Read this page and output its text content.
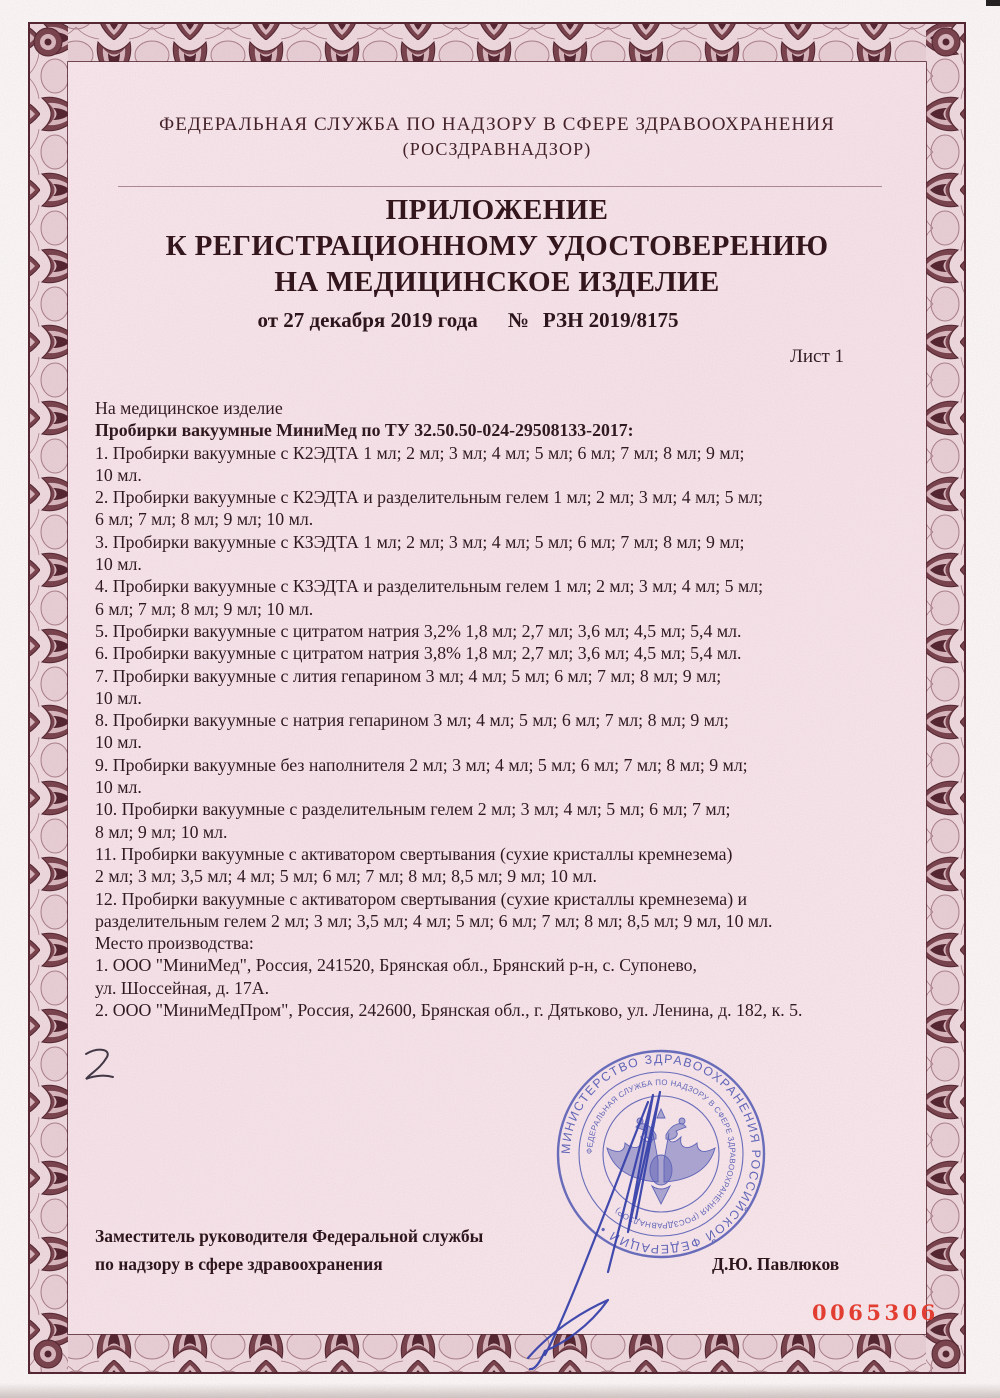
ФЕДЕРАЛЬНАЯ СЛУЖБА ПО НАДЗОРУ В СФЕРЕ ЗДРАВООХРАНЕНИЯ
(РОСЗДРАВНАДЗОР)
ПРИЛОЖЕНИЕ
К РЕГИСТРАЦИОННОМУ УДОСТОВЕРЕНИЮ
НА МЕДИЦИНСКОЕ ИЗДЕЛИЕ
от 27 декабря 2019 года № РЗН 2019/8175
Лист 1
На медицинское изделие
Пробирки вакуумные МиниМед по ТУ 32.50.50-024-29508133-2017:
1. Пробирки вакуумные с К2ЭДТА 1 мл; 2 мл; 3 мл; 4 мл; 5 мл; 6 мл; 7 мл; 8 мл; 9 мл;
10 мл.
2. Пробирки вакуумные с К2ЭДТА и разделительным гелем 1 мл; 2 мл; 3 мл; 4 мл; 5 мл;
6 мл; 7 мл; 8 мл; 9 мл; 10 мл.
3. Пробирки вакуумные с КЗЭДТА 1 мл; 2 мл; 3 мл; 4 мл; 5 мл; 6 мл; 7 мл; 8 мл; 9 мл;
10 мл.
4. Пробирки вакуумные с КЗЭДТА и разделительным гелем 1 мл; 2 мл; 3 мл; 4 мл; 5 мл;
6 мл; 7 мл; 8 мл; 9 мл; 10 мл.
5. Пробирки вакуумные с цитратом натрия 3,2% 1,8 мл; 2,7 мл; 3,6 мл; 4,5 мл; 5,4 мл.
6. Пробирки вакуумные с цитратом натрия 3,8% 1,8 мл; 2,7 мл; 3,6 мл; 4,5 мл; 5,4 мл.
7. Пробирки вакуумные с лития гепарином 3 мл; 4 мл; 5 мл; 6 мл; 7 мл; 8 мл; 9 мл;
10 мл.
8. Пробирки вакуумные с натрия гепарином 3 мл; 4 мл; 5 мл; 6 мл; 7 мл; 8 мл; 9 мл;
10 мл.
9. Пробирки вакуумные без наполнителя 2 мл; 3 мл; 4 мл; 5 мл; 6 мл; 7 мл; 8 мл; 9 мл;
10 мл.
10. Пробирки вакуумные с разделительным гелем 2 мл; 3 мл; 4 мл; 5 мл; 6 мл; 7 мл;
8 мл; 9 мл; 10 мл.
11. Пробирки вакуумные с активатором свертывания (сухие кристаллы кремнезема)
2 мл; 3 мл; 3,5 мл; 4 мл; 5 мл; 6 мл; 7 мл; 8 мл; 8,5 мл; 9 мл; 10 мл.
12. Пробирки вакуумные с активатором свертывания (сухие кристаллы кремнезема) и
разделительным гелем 2 мл; 3 мл; 3,5 мл; 4 мл; 5 мл; 6 мл; 7 мл; 8 мл; 8,5 мл; 9 мл, 10 мл.
Место производства:
1. ООО "МиниМед", Россия, 241520, Брянская обл., Брянский р-н, с. Супонево,
ул. Шоссейная, д. 17А.
2. ООО "МиниМедПром", Россия, 242600, Брянская обл., г. Дятьково, ул. Ленина, д. 182, к. 5.
Заместитель руководителя Федеральной службы
по надзору в сфере здравоохранения	Д.Ю. Павлюков
0065306
МИНИСТЕРСТВО ЗДРАВООХРАНЕНИЯ РОССИЙСКОЙ ФЕДЕРАЦИИ •
ФЕДЕРАЛЬНАЯ СЛУЖБА ПО НАДЗОРУ В СФЕРЕ ЗДРАВООХРАНЕНИЯ (РОСЗДРАВНАДЗОР)
